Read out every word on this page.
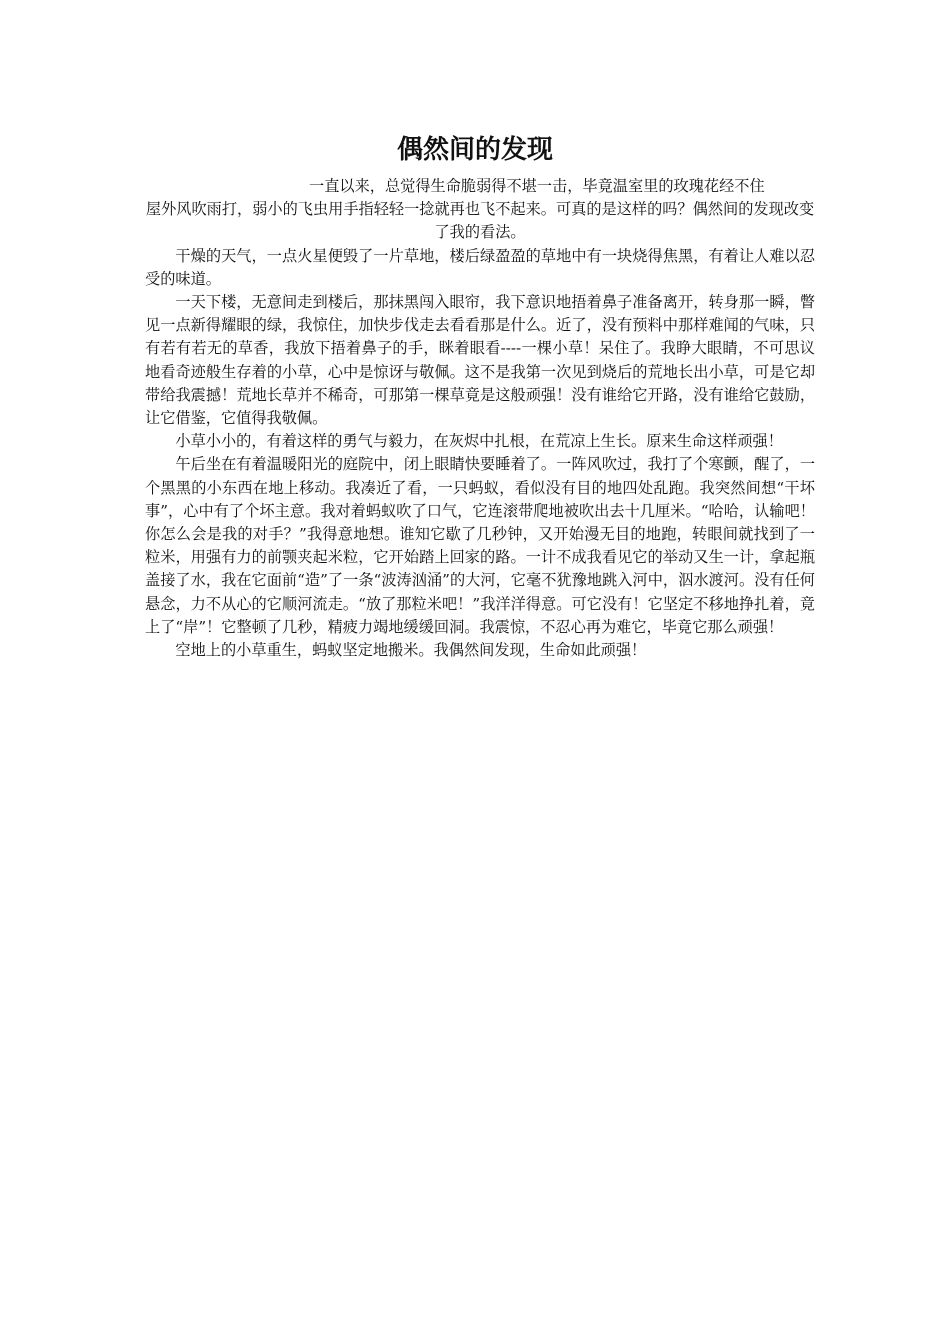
偶然间的发现

一直以来，总觉得生命脆弱得不堪一击，毕竟温室里的玫瑰花经不住
屋外风吹雨打，弱小的飞虫用手指轻轻一捻就再也飞不起来。可真的是这样的吗？偶然间的发现改变了我的看法。

干燥的天气，一点火星便毁了一片草地，楼后绿盈盈的草地中有一块烧得焦黑，有着让人难以忍受的味道。

一天下楼，无意间走到楼后，那抹黑闯入眼帘，我下意识地捂着鼻子准备离开，转身那一瞬，瞥见一点新得耀眼的绿，我惊住，加快步伐走去看看那是什么。近了，没有预料中那样难闻的气味，只有若有若无的草香，我放下捂着鼻子的手，眯着眼看----一棵小草！呆住了。我睁大眼睛，不可思议地看奇迹般生存着的小草，心中是惊讶与敬佩。这不是我第一次见到烧后的荒地长出小草，可是它却带给我震撼！荒地长草并不稀奇，可那第一棵草竟是这般顽强！没有谁给它开路，没有谁给它鼓励，让它借鉴，它值得我敬佩。

小草小小的，有着这样的勇气与毅力，在灰烬中扎根，在荒凉上生长。原来生命这样顽强！

午后坐在有着温暖阳光的庭院中，闭上眼睛快要睡着了。一阵风吹过，我打了个寒颤，醒了，一个黑黑的小东西在地上移动。我凑近了看，一只蚂蚁，看似没有目的地四处乱跑。我突然间想“干坏事”，心中有了个坏主意。我对着蚂蚁吹了口气，它连滚带爬地被吹出去十几厘米。“哈哈，认输吧！你怎么会是我的对手？”我得意地想。谁知它歇了几秒钟，又开始漫无目的地跑，转眼间就找到了一粒米，用强有力的前颚夹起米粒，它开始踏上回家的路。一计不成我看见它的举动又生一计，拿起瓶盖接了水，我在它面前“造”了一条“波涛汹涌”的大河，它毫不犹豫地跳入河中，泅水渡河。没有任何悬念，力不从心的它顺河流走。“放了那粒米吧！”我洋洋得意。可它没有！它坚定不移地挣扎着，竟上了“岸”！它整顿了几秒，精疲力竭地缓缓回洞。我震惊，不忍心再为难它，毕竟它那么顽强！

空地上的小草重生，蚂蚁坚定地搬米。我偶然间发现，生命如此顽强！
